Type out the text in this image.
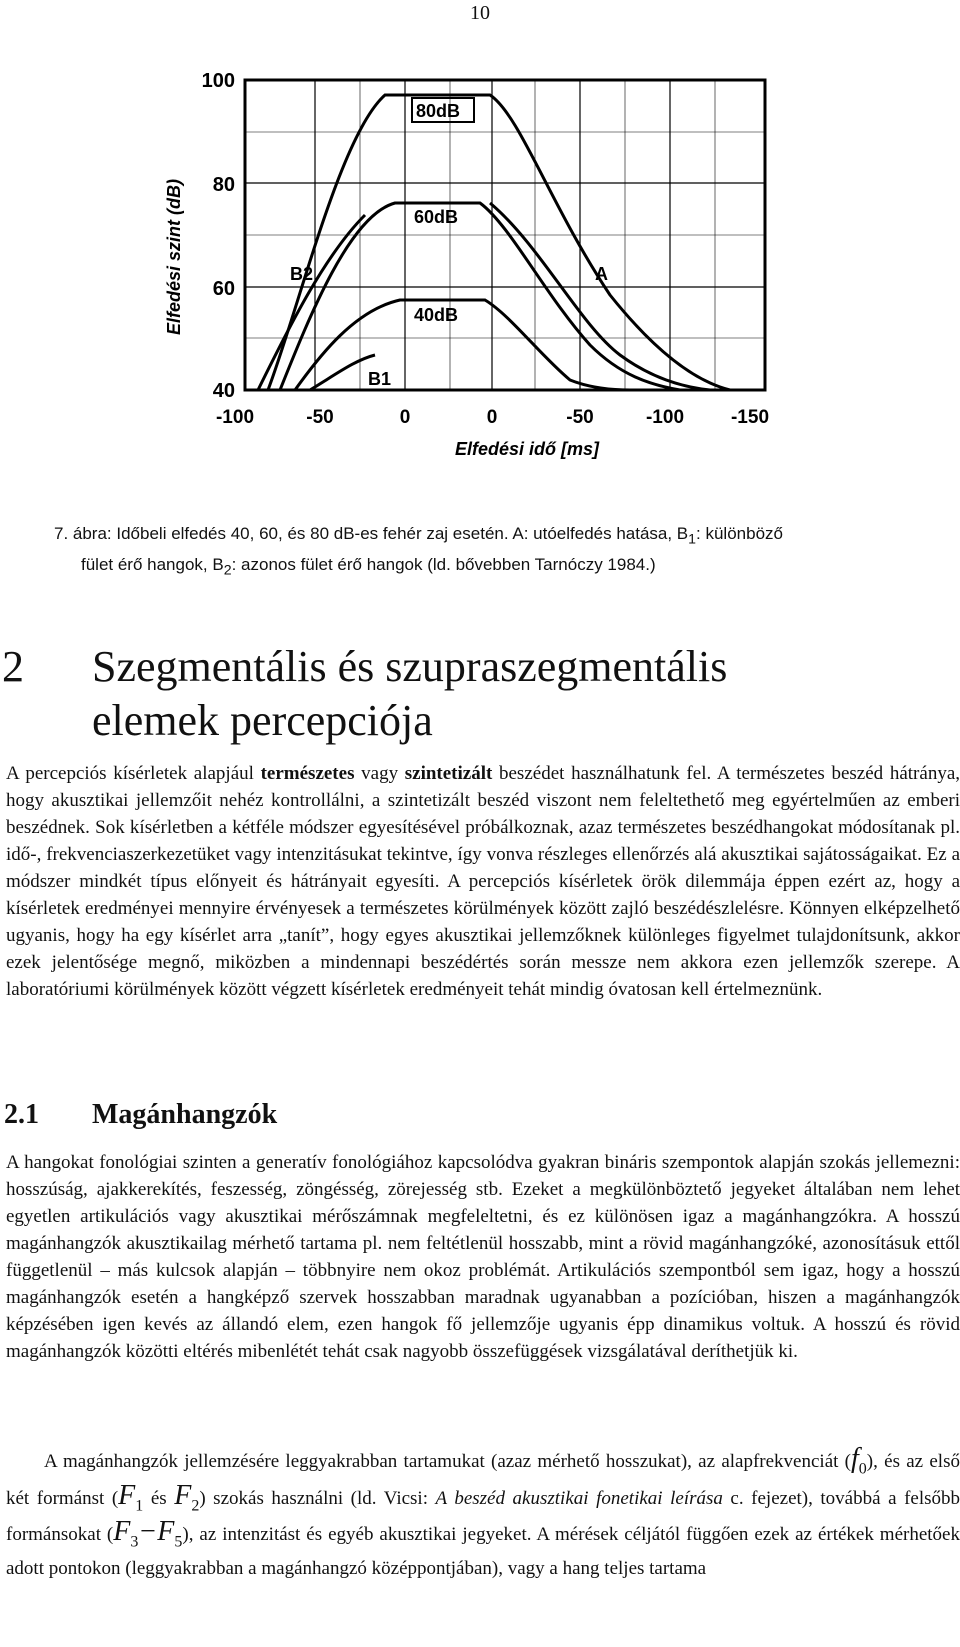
10
100
80
60
40
-100	-50	0	0	-50	-100 -150
Elfedési idő [ms]
Elfedési szint (dB)
80dB
60dB
40dB
A
B2
B1
7. ábra: Időbeli elfedés 40, 60, és 80 dB-es fehér zaj esetén. A: utóelfedés hatása, $B_1$: különböző
fület érő hangok, $B_2$: azonos fület érő hangok (ld. bővebben Tarnóczy 1984.)
2 Szegmentális és szupraszegmentális
elemek percepciója

A percepciós kísérletek alapjául természetes vagy szintetizált beszédet használhatunk fel. A természetes beszéd hátránya, hogy akusztikai jellemzőit nehéz kontrollálni, a szintetizált beszéd viszont nem feleltethető meg egyértelműen az emberi beszédnek. Sok kísérletben a kétféle módszer egyesítésével próbálkoznak, azaz természetes beszédhangokat módosítanak pl. idő-, frekvenciaszerkezetüket vagy intenzitásukat tekintve, így vonva részleges ellenőrzés alá akusztikai sajátosságaikat. Ez a módszer mindkét típus előnyeit és hátrányait egyesíti. A percepciós kísérletek örök dilemmája éppen ezért az, hogy a kísérletek eredményei mennyire érvényesek a természetes körülmények között zajló beszédészlelésre. Könnyen elképzelhető ugyanis, hogy ha egy kísérlet arra „tanít”, hogy egyes akusztikai jellemzőknek különleges figyelmet tulajdonítsunk, akkor ezek jelentősége megnő, miközben a mindennapi beszédértés során messze nem akkora ezen jellemzők szerepe. A laboratóriumi körülmények között végzett kísérletek eredményeit tehát mindig óvatosan kell értelmeznünk.

2.1 Magánhangzók

A hangokat fonológiai szinten a generatív fonológiához kapcsolódva gyakran bináris szempontok alapján szokás jellemezni: hosszúság, ajakkerekítés, feszesség, zöngésség, zörejesség stb. Ezeket a megkülönböztető jegyeket általában nem lehet egyetlen artikulációs vagy akusztikai mérőszámnak megfeleltetni, és ez különösen igaz a magánhangzókra. A hosszú magánhangzók akusztikailag mérhető tartama pl. nem feltétlenül hosszabb, mint a rövid magánhangzóké, azonosításuk ettől függetlenül – más kulcsok alapján – többnyire nem okoz problémát. Artikulációs szempontból sem igaz, hogy a hosszú magánhangzók esetén a hangképző szervek hosszabban maradnak ugyanabban a pozícióban, hiszen a magánhangzók képzésében igen kevés az állandó elem, ezen hangok fő jellemzője ugyanis épp dinamikus voltuk. A hosszú és rövid magánhangzók közötti eltérés mibenlétét tehát csak nagyobb összefüggések vizsgálatával deríthetjük ki.

A magánhangzók jellemzésére leggyakrabban tartamukat (azaz mérhető hosszukat), az alapfrekvenciát $(f_0)$, és az első két formánst ($F_1$ és $F_2$) szokás használni (ld. Vicsi: A beszéd akusztikai fonetikai leírása c. fejezet), továbbá a felsőbb formánsokat $(F_3-F_5)$, az intenzitást és egyéb akusztikai jegyeket. A mérések céljától függően ezek az értékek mérhetőek adott pontokon (leggyakrabban a magánhangzó középpontjában), vagy a hang teljes tartama
